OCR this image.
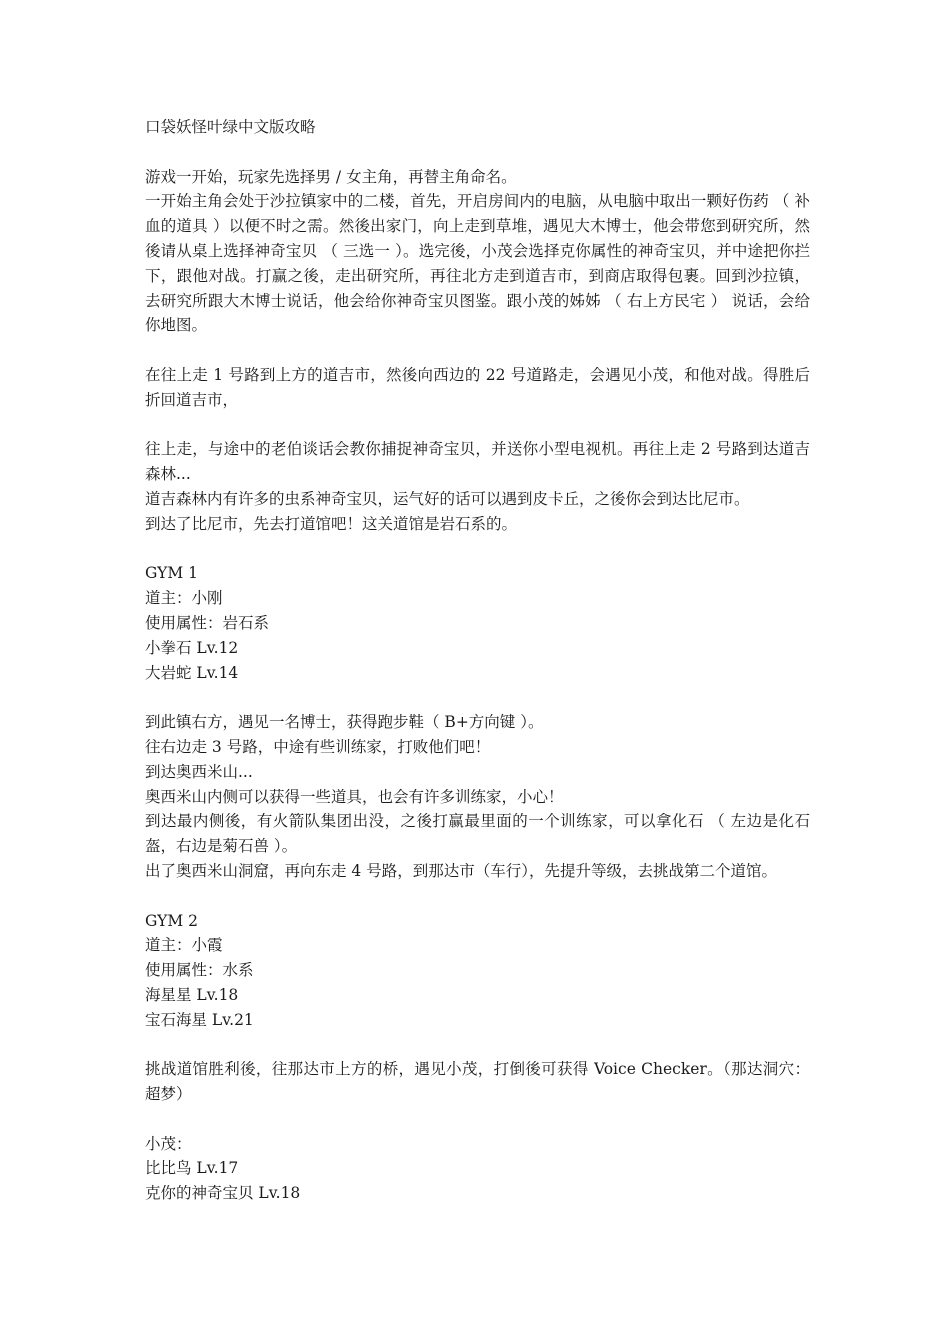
口袋妖怪叶绿中文版攻略

游戏一开始，玩家先选择男 / 女主角，再替主角命名。

一开始主角会处于沙拉镇家中的二楼，首先，开启房间内的电脑，从电脑中取出一颗好伤药 （ 补血的道具 ）以便不时之需。然後出家门，向上走到草堆，遇见大木博士，他会带您到研究所，然後请从桌上选择神奇宝贝 （ 三选一 ）。选完後，小茂会选择克你属性的神奇宝贝，并中途把你拦下，跟他对战。打赢之後，走出研究所，再往北方走到道吉市，到商店取得包裹。回到沙拉镇，去研究所跟大木博士说话，他会给你神奇宝贝图鉴。跟小茂的姊姊 （ 右上方民宅 ） 说话，会给你地图。

在往上走 1 号路到上方的道吉市，然後向西边的 22 号道路走，会遇见小茂，和他对战。得胜后折回道吉市，

往上走，与途中的老伯谈话会教你捕捉神奇宝贝，并送你小型电视机。再往上走 2 号路到达道吉森林...

道吉森林内有许多的虫系神奇宝贝，运气好的话可以遇到皮卡丘，之後你会到达比尼市。

到达了比尼市，先去打道馆吧！这关道馆是岩石系的。

GYM 1

道主：小刚

使用属性：岩石系

小拳石 Lv.12

大岩蛇 Lv.14

到此镇右方，遇见一名博士，获得跑步鞋（ B+方向键 ）。

往右边走 3 号路，中途有些训练家，打败他们吧！

到达奥西米山...

奥西米山内侧可以获得一些道具，也会有许多训练家，小心！

到达最内侧後，有火箭队集团出没，之後打赢最里面的一个训练家，可以拿化石 （ 左边是化石盔，右边是菊石兽 ）。

出了奥西米山洞窟，再向东走 4 号路，到那达市（车行），先提升等级，去挑战第二个道馆。

GYM 2

道主：小霞

使用属性：水系

海星星 Lv.18

宝石海星 Lv.21

挑战道馆胜利後，往那达市上方的桥，遇见小茂，打倒後可获得 Voice Checker。（那达洞穴：超梦）

小茂：

比比鸟 Lv.17

克你的神奇宝贝 Lv.18
